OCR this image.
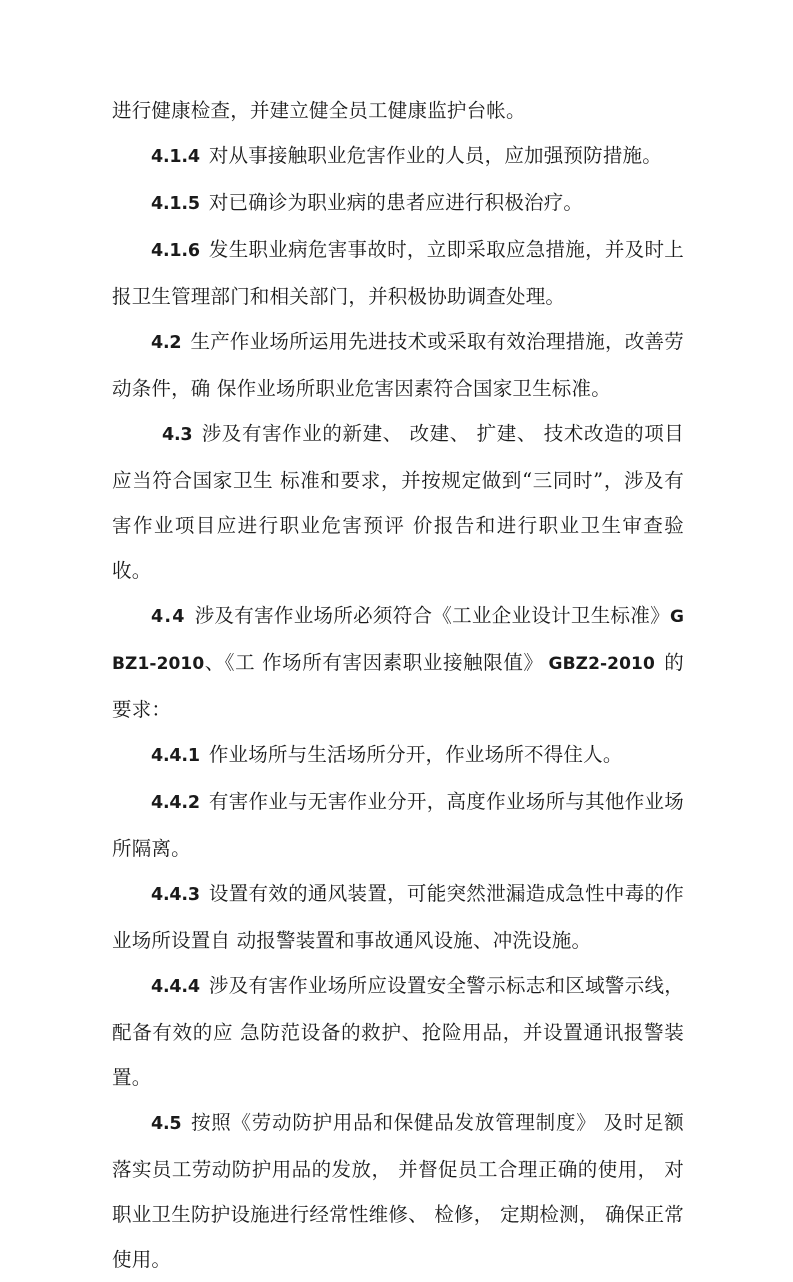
进行健康检查，并建立健全员工健康监护台帐。

4.1.4 对从事接触职业危害作业的人员，应加强预防措施。

4.1.5 对已确诊为职业病的患者应进行积极治疗。

4.1.6 发生职业病危害事故时，立即采取应急措施，并及时上报卫生管理部门和相关部门，并积极协助调查处理。

4.2 生产作业场所运用先进技术或采取有效治理措施，改善劳动条件，确 保作业场所职业危害因素符合国家卫生标准。

4.3 涉及有害作业的新建、 改建、 扩建、 技术改造的项目应当符合国家卫生 标准和要求，并按规定做到“三同时”，涉及有害作业项目应进行职业危害预评 价报告和进行职业卫生审查验收。

4.4 涉及有害作业场所必须符合《工业企业设计卫生标准》GBZ1-2010、《工 作场所有害因素职业接触限值》 GBZ2-2010 的要求：

4.4.1 作业场所与生活场所分开，作业场所不得住人。

4.4.2 有害作业与无害作业分开，高度作业场所与其他作业场所隔离。

4.4.3 设置有效的通风装置，可能突然泄漏造成急性中毒的作业场所设置自 动报警装置和事故通风设施、冲洗设施。

4.4.4 涉及有害作业场所应设置安全警示标志和区域警示线， 配备有效的应 急防范设备的救护、抢险用品，并设置通讯报警装置。

4.5 按照《劳动防护用品和保健品发放管理制度》 及时足额落实员工劳动防护用品的发放， 并督促员工合理正确的使用， 对职业卫生防护设施进行经常性维修、 检修， 定期检测， 确保正常使用。
